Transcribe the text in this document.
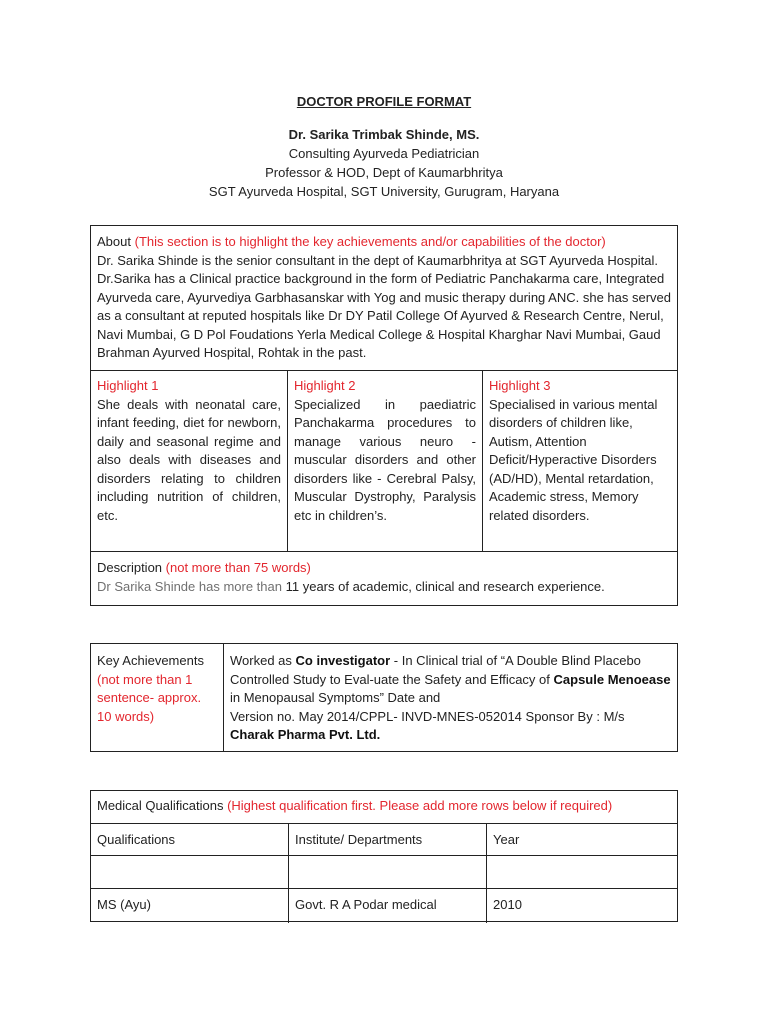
DOCTOR PROFILE FORMAT
Dr. Sarika Trimbak Shinde, MS.
Consulting Ayurveda Pediatrician
Professor & HOD, Dept of Kaumarbhritya
SGT Ayurveda Hospital, SGT University, Gurugram, Haryana
About (This section is to highlight the key achievements and/or capabilities of the doctor)
Dr. Sarika Shinde is the senior consultant in the dept of Kaumarbhritya at SGT Ayurveda Hospital. Dr.Sarika has a Clinical practice background in the form of Pediatric Panchakarma care, Integrated Ayurveda care, Ayurvediya Garbhasanskar with Yog and music therapy during ANC. she has served as a consultant at reputed hospitals like Dr DY Patil College Of Ayurved & Research Centre, Nerul, Navi Mumbai, G D Pol Foudations Yerla Medical College & Hospital Kharghar Navi Mumbai, Gaud Brahman Ayurved Hospital, Rohtak in the past.
Highlight 1
She deals with neonatal care, infant feeding, diet for newborn, daily and seasonal regime and also deals with diseases and disorders relating to children including nutrition of children, etc.
Highlight 2
Specialized in paediatric Panchakarma procedures to manage various neuro - muscular disorders and other disorders like - Cerebral Palsy, Muscular Dystrophy, Paralysis etc in children’s.
Highlight 3
Specialised in various mental disorders of children like, Autism, Attention Deficit/Hyperactive Disorders (AD/HD), Mental retardation, Academic stress, Memory related disorders.
Description (not more than 75 words)
Dr Sarika Shinde has more than 11 years of academic, clinical and research experience.
Key Achievements
(not more than 1 sentence- approx. 10 words)
Worked as Co investigator - In Clinical trial of “A Double Blind Placebo Controlled Study to Eval-uate the Safety and Efficacy of Capsule Menoease in Menopausal Symptoms” Date and
Version no. May 2014/CPPL- INVD-MNES-052014 Sponsor By : M/s
Charak Pharma Pvt. Ltd.
Medical Qualifications (Highest qualification first. Please add more rows below if required)
Qualifications	Institute/ Departments	Year
MS (Ayu)	Govt. R A Podar medical	2010
